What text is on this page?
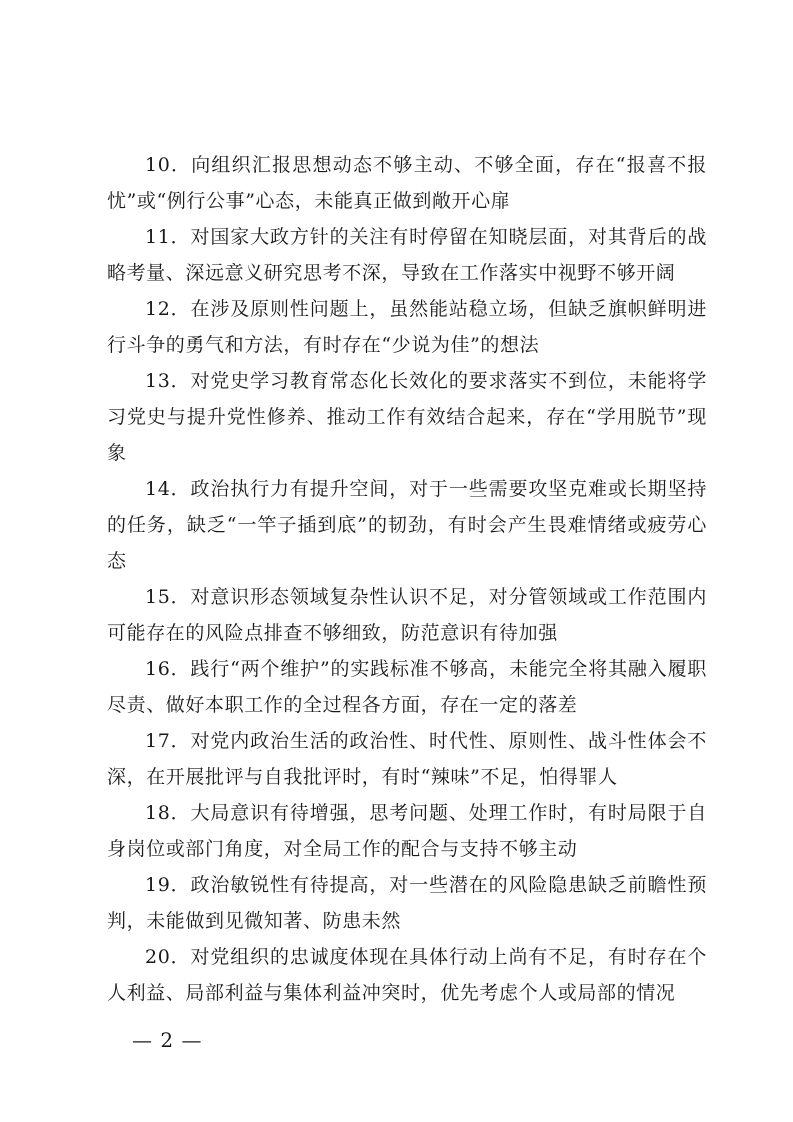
10．向组织汇报思想动态不够主动、不够全面，存在“报喜不报忧”或“例行公事”心态，未能真正做到敞开心扉

11．对国家大政方针的关注有时停留在知晓层面，对其背后的战略考量、深远意义研究思考不深，导致在工作落实中视野不够开阔

12．在涉及原则性问题上，虽然能站稳立场，但缺乏旗帜鲜明进行斗争的勇气和方法，有时存在“少说为佳”的想法

13．对党史学习教育常态化长效化的要求落实不到位，未能将学习党史与提升党性修养、推动工作有效结合起来，存在“学用脱节”现象

14．政治执行力有提升空间，对于一些需要攻坚克难或长期坚持的任务，缺乏“一竿子插到底”的韧劲，有时会产生畏难情绪或疲劳心态

15．对意识形态领域复杂性认识不足，对分管领域或工作范围内可能存在的风险点排查不够细致，防范意识有待加强

16．践行“两个维护”的实践标准不够高，未能完全将其融入履职尽责、做好本职工作的全过程各方面，存在一定的落差

17．对党内政治生活的政治性、时代性、原则性、战斗性体会不深，在开展批评与自我批评时，有时“辣味”不足，怕得罪人

18．大局意识有待增强，思考问题、处理工作时，有时局限于自身岗位或部门角度，对全局工作的配合与支持不够主动

19．政治敏锐性有待提高，对一些潜在的风险隐患缺乏前瞻性预判，未能做到见微知著、防患未然

20．对党组织的忠诚度体现在具体行动上尚有不足，有时存在个人利益、局部利益与集体利益冲突时，优先考虑个人或局部的情况

— 2 —
